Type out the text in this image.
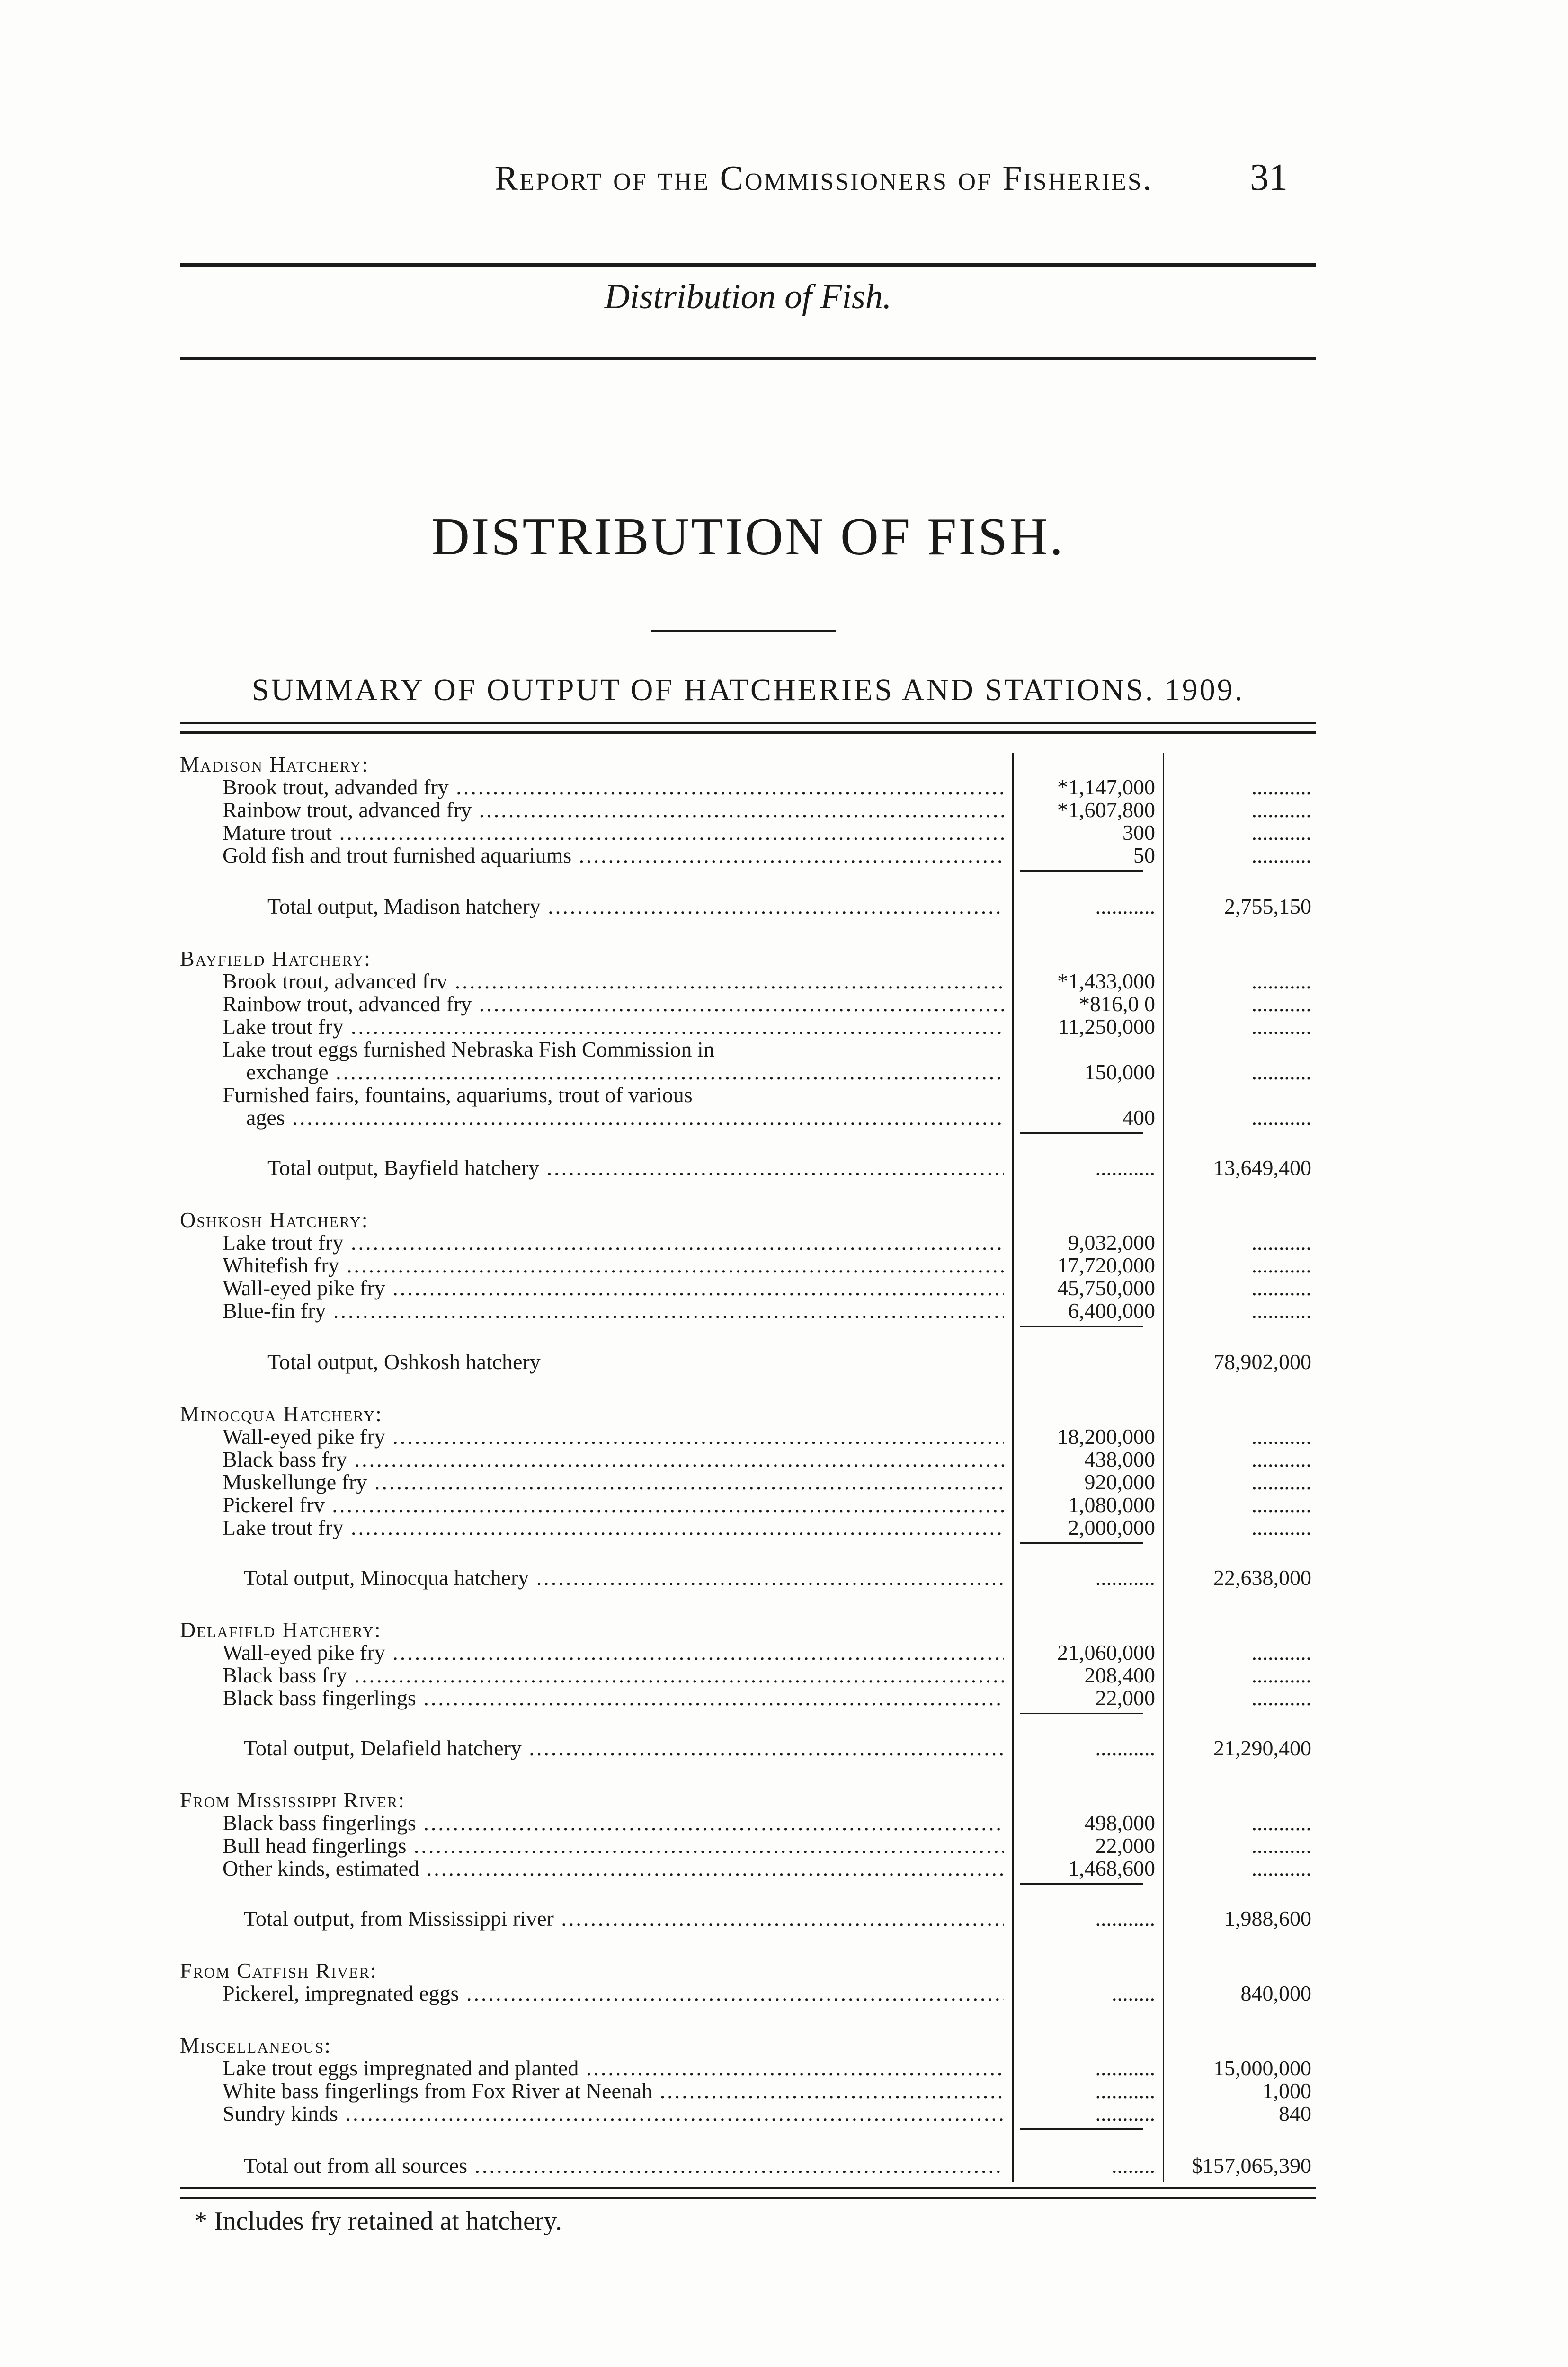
Report of the Commissioners of Fisheries.	31
Distribution of Fish.
DISTRIBUTION OF FISH.
SUMMARY OF OUTPUT OF HATCHERIES AND STATIONS. 1909.
Madison Hatchery:
Brook trout, advanded fry .....	*1,147,000	...........
Rainbow trout, advanced fry .....	*1,607,800	...........
Mature trout .....	300	...........
Gold fish and trout furnished aquariums .....	50	...........
Total output, Madison hatchery .....	...........	2,755,150
Bayfield Hatchery:
Brook trout, advanced frv .....	*1,433,000	...........
Rainbow trout, advanced fry .....	*816,0 0	...........
Lake trout fry .....	11,250,000	...........
Lake trout eggs furnished Nebraska Fish Commission in
exchange .....	150,000	...........
Furnished fairs, fountains, aquariums, trout of various
ages .....	400	...........
Total output, Bayfield hatchery .....	...........	13,649,400
Oshkosh Hatchery:
Lake trout fry .....	9,032,000	...........
Whitefish fry .....	17,720,000	...........
Wall-eyed pike fry .....	45,750,000	...........
Blue-fin fry .....	6,400,000	...........
Total output, Oshkosh hatchery	78,902,000
Minocqua Hatchery:
Wall-eyed pike fry .....	18,200,000	...........
Black bass fry .....	438,000	...........
Muskellunge fry .....	920,000	...........
Pickerel frv .....	1,080,000	...........
Lake trout fry .....	2,000,000	...........
Total output, Minocqua hatchery .....	...........	22,638,000
Delafifld Hatchery:
Wall-eyed pike fry .....	21,060,000	...........
Black bass fry .....	208,400	...........
Black bass fingerlings .....	22,000	...........
Total output, Delafield hatchery .....	...........	21,290,400
From Mississippi River:
Black bass fingerlings .....	498,000	...........
Bull head fingerlings .....	22,000	...........
Other kinds, estimated .....	1,468,600	...........
Total output, from Mississippi river .....	...........	1,988,600
From Catfish River:
Pickerel, impregnated eggs .....	........	840,000
Miscellaneous:
Lake trout eggs impregnated and planted .....	...........	15,000,000
White bass fingerlings from Fox River at Neenah .....	...........	1,000
Sundry kinds .....	...........	840
Total out from all sources .....	........	$157,065,390
* Includes fry retained at hatchery.
